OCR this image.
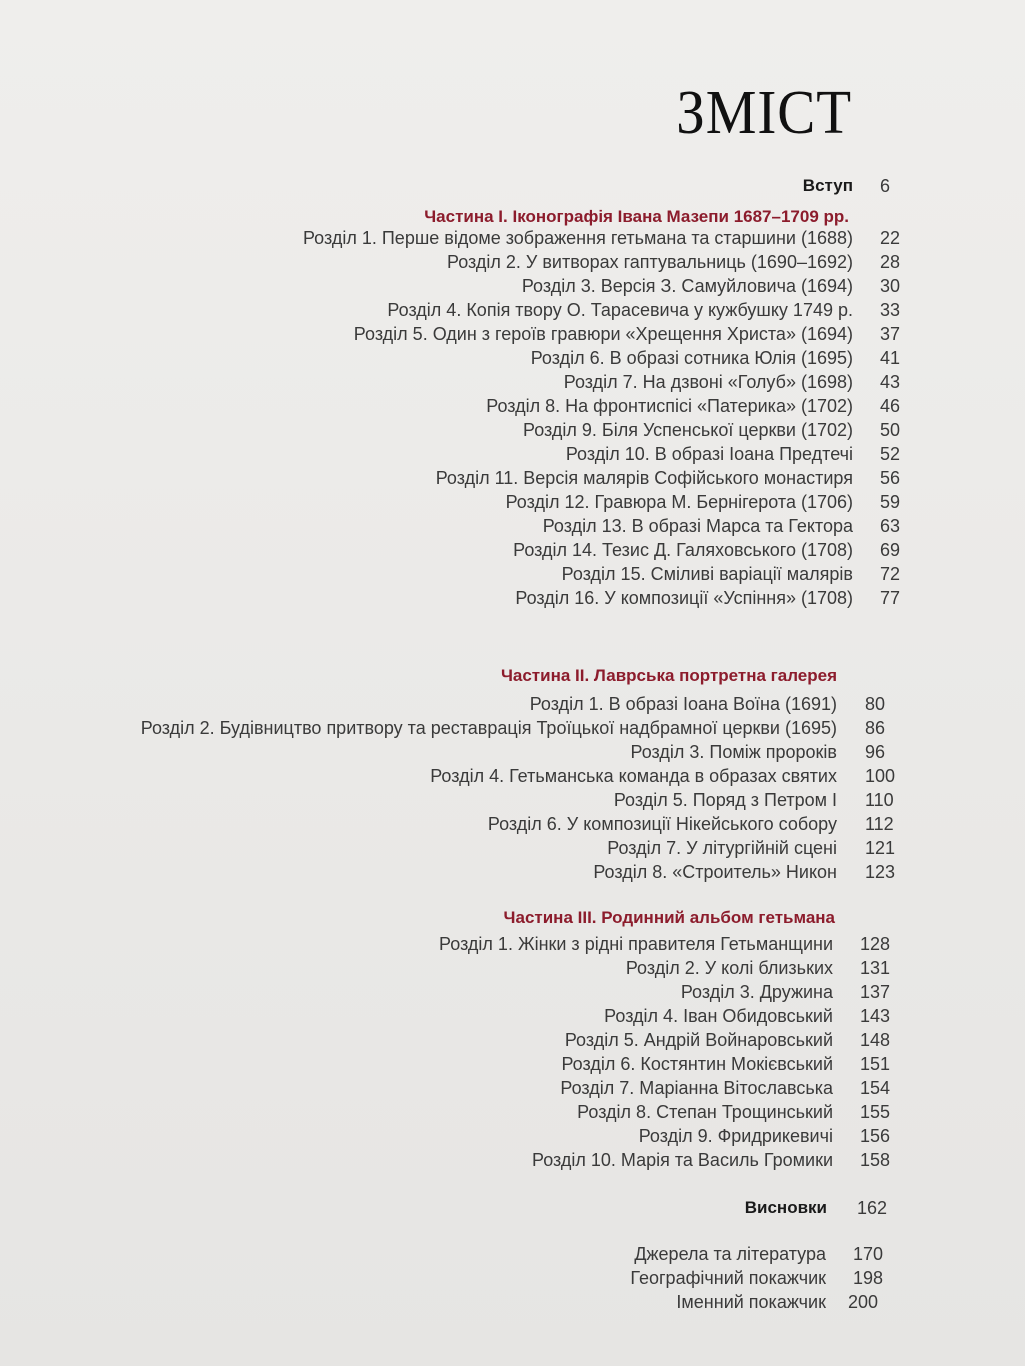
ЗМІСТ
Вступ 6
Частина І. Іконографія Івана Мазепи 1687–1709 рр.
Розділ 1. Перше відоме зображення гетьмана та старшини (1688) 22
Розділ 2. У витворах гаптувальниць (1690–1692) 28
Розділ 3. Версія З. Самуйловича (1694) 30
Розділ 4. Копія твору О. Тарасевича у кужбушку 1749 р. 33
Розділ 5. Один з героїв гравюри «Хрещення Христа» (1694) 37
Розділ 6. В образі сотника Юлія (1695) 41
Розділ 7. На дзвоні «Голуб» (1698) 43
Розділ 8. На фронтиспісі «Патерика» (1702) 46
Розділ 9. Біля Успенської церкви (1702) 50
Розділ 10. В образі Іоана Предтечі 52
Розділ 11. Версія малярів Софійського монастиря 56
Розділ 12. Гравюра М. Бернігерота (1706) 59
Розділ 13. В образі Марса та Гектора 63
Розділ 14. Тезис Д. Галяховського (1708) 69
Розділ 15. Сміливі варіації малярів 72
Розділ 16. У композиції «Успіння» (1708) 77
Частина ІІ. Лаврська портретна галерея
Розділ 1. В образі Іоана Воїна (1691) 80
Розділ 2. Будівництво притвору та реставрація Троїцької надбрамної церкви (1695) 86
Розділ 3. Поміж пророків 96
Розділ 4. Гетьманська команда в образах святих 100
Розділ 5. Поряд з Петром І 110
Розділ 6. У композиції Нікейського собору 112
Розділ 7. У літургійній сцені 121
Розділ 8. «Строитель» Никон 123
Частина ІІІ. Родинний альбом гетьмана
Розділ 1. Жінки з рідні правителя Гетьманщини 128
Розділ 2. У колі близьких 131
Розділ 3. Дружина 137
Розділ 4. Іван Обидовський 143
Розділ 5. Андрій Войнаровський 148
Розділ 6. Костянтин Мокієвський 151
Розділ 7. Маріанна Вітославська 154
Розділ 8. Степан Трощинський 155
Розділ 9. Фридрикевичі 156
Розділ 10. Марія та Василь Громики 158
Висновки 162
Джерела та література 170
Географічний покажчик 198
Іменний покажчик 200
